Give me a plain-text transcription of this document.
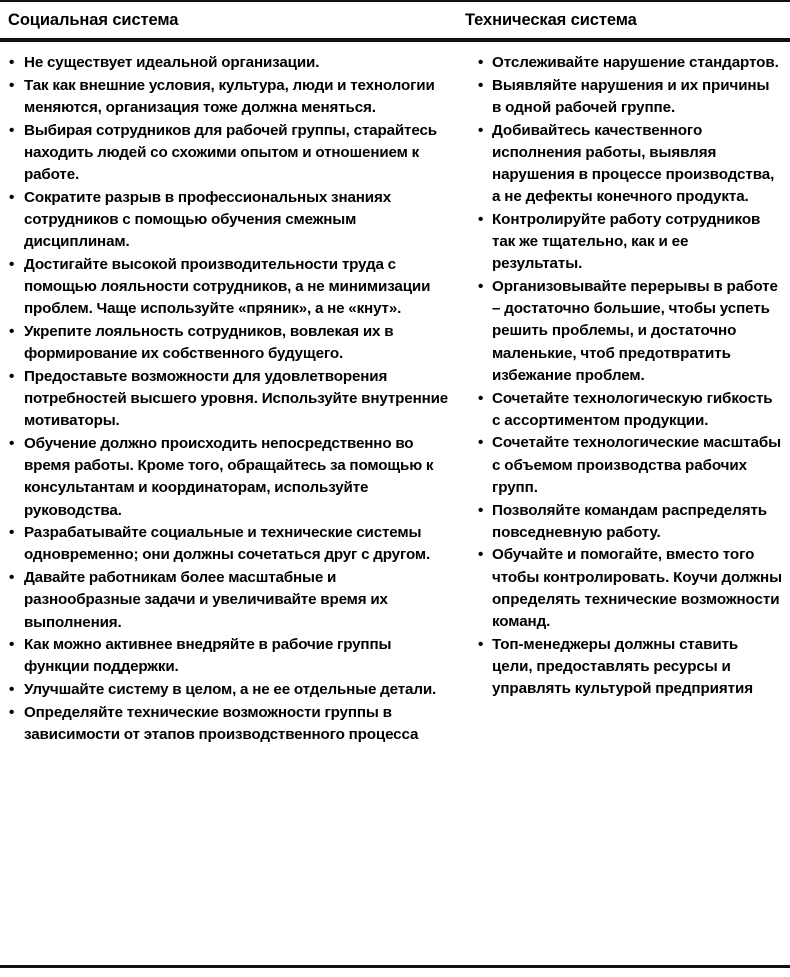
Социальная система	Техническая система
• Не существует идеальной организации.
• Так как внешние условия, культура, люди и технологии меняются, организация тоже должна меняться.
• Выбирая сотрудников для рабочей группы, старайтесь находить людей со схожими опытом и отношением к работе.
• Сократите разрыв в профессиональных знаниях сотрудников с помощью обучения смежным дисциплинам.
• Достигайте высокой производительности труда с помощью лояльности сотрудников, а не минимизации проблем. Чаще используйте «пряник», а не «кнут».
• Укрепите лояльность сотрудников, вовлекая их в формирование их собственного будущего.
• Предоставьте возможности для удовлетворения потребностей высшего уровня. Используйте внутренние мотиваторы.
• Обучение должно происходить непосредственно во время работы. Кроме того, обращайтесь за помощью к консультантам и координаторам, используйте руководства.
• Разрабатывайте социальные и технические системы одновременно; они должны сочетаться друг с другом.
• Давайте работникам более масштабные и разнообразные задачи и увеличивайте время их выполнения.
• Как можно активнее внедряйте в рабочие группы функции поддержки.
• Улучшайте систему в целом, а не ее отдельные детали.
• Определяйте технические возможности группы в зависимости от этапов производственного процесса
• Отслеживайте нарушение стандартов.
• Выявляйте нарушения и их причины в одной рабочей группе.
• Добивайтесь качественного исполнения работы, выявляя нарушения в процессе производства, а не дефекты конечного продукта.
• Контролируйте работу сотрудников так же тщательно, как и ее результаты.
• Организовывайте перерывы в работе – достаточно большие, чтобы успеть решить проблемы, и достаточно маленькие, чтоб предотвратить избежание проблем.
• Сочетайте технологическую гибкость с ассортиментом продукции.
• Сочетайте технологические масштабы с объемом производства рабочих групп.
• Позволяйте командам распределять повседневную работу.
• Обучайте и помогайте, вместо того чтобы контролировать. Коучи должны определять технические возможности команд.
• Топ-менеджеры должны ставить цели, предоставлять ресурсы и управлять культурой предприятия
